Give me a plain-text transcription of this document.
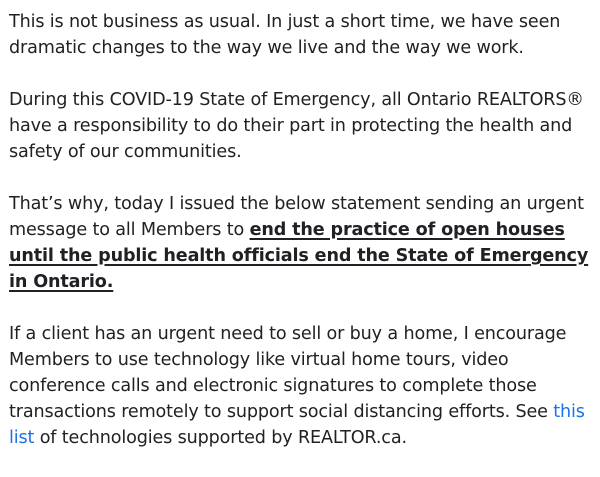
This is not business as usual. In just a short time, we have seen dramatic changes to the way we live and the way we work.

During this COVID-19 State of Emergency, all Ontario REALTORS® have a responsibility to do their part in protecting the health and safety of our communities.

That’s why, today I issued the below statement sending an urgent message to all Members to end the practice of open houses until the public health officials end the State of Emergency in Ontario.

If a client has an urgent need to sell or buy a home, I encourage Members to use technology like virtual home tours, video conference calls and electronic signatures to complete those transactions remotely to support social distancing efforts. See this list of technologies supported by REALTOR.ca.
